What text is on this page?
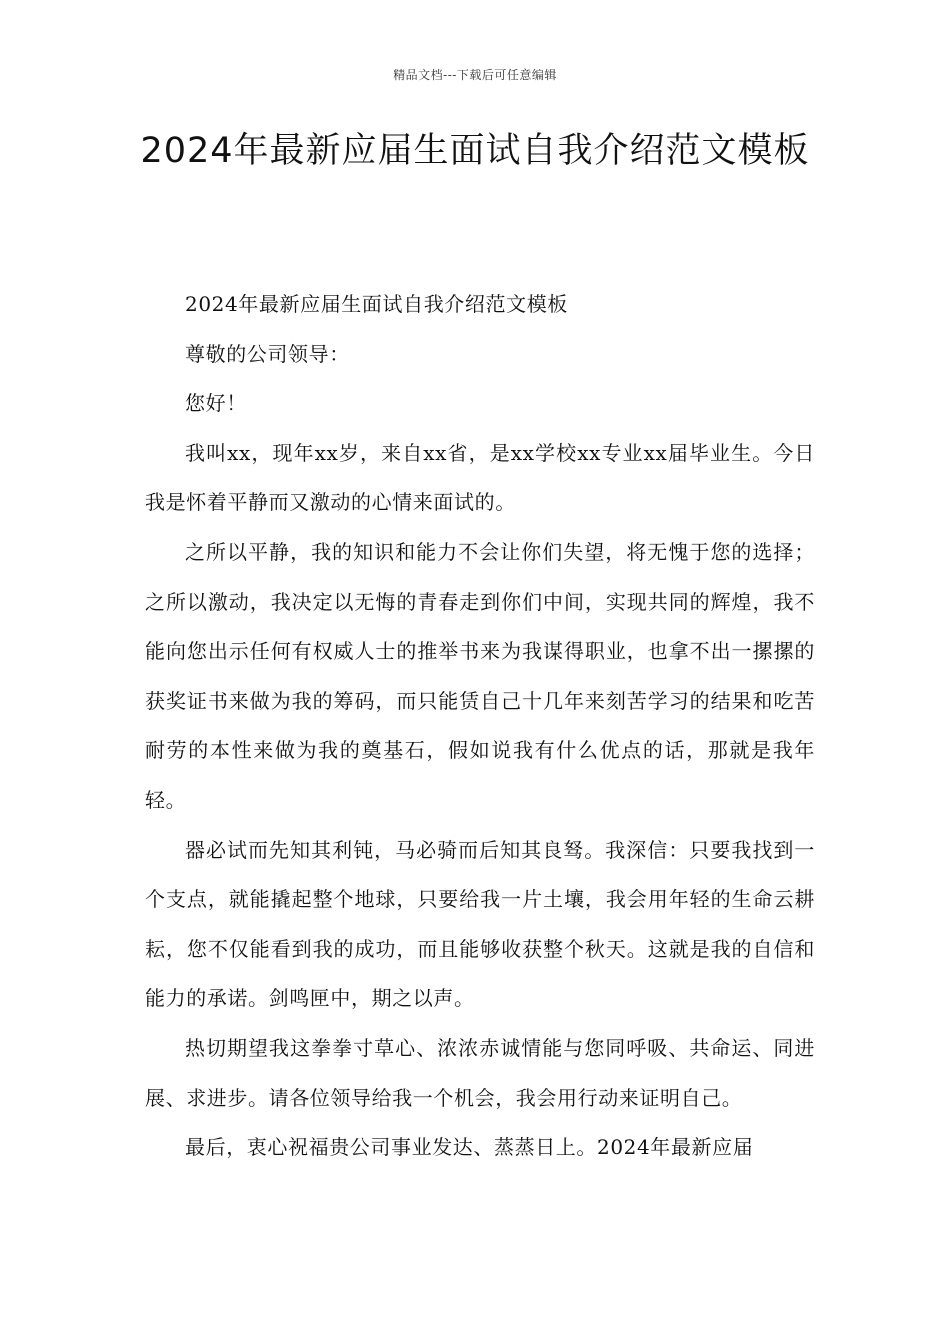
精品文档---下载后可任意编辑
2024年最新应届生面试自我介绍范文模板

2024年最新应届生面试自我介绍范文模板

尊敬的公司领导：

您好！

我叫xx，现年xx岁，来自xx省，是xx学校xx专业xx届毕业生。今日我是怀着平静而又激动的心情来面试的。

之所以平静，我的知识和能力不会让你们失望，将无愧于您的选择；之所以激动，我决定以无悔的青春走到你们中间，实现共同的辉煌，我不能向您出示任何有权威人士的推举书来为我谋得职业，也拿不出一摞摞的获奖证书来做为我的筹码，而只能赁自己十几年来刻苦学习的结果和吃苦耐劳的本性来做为我的奠基石，假如说我有什么优点的话，那就是我年轻。

器必试而先知其利钝，马必骑而后知其良驽。我深信：只要我找到一个支点，就能撬起整个地球，只要给我一片土壤，我会用年轻的生命云耕耘，您不仅能看到我的成功，而且能够收获整个秋天。这就是我的自信和能力的承诺。剑鸣匣中，期之以声。

热切期望我这拳拳寸草心、浓浓赤诚情能与您同呼吸、共命运、同进展、求进步。请各位领导给我一个机会，我会用行动来证明自己。

最后，衷心祝福贵公司事业发达、蒸蒸日上。2024年最新应届
